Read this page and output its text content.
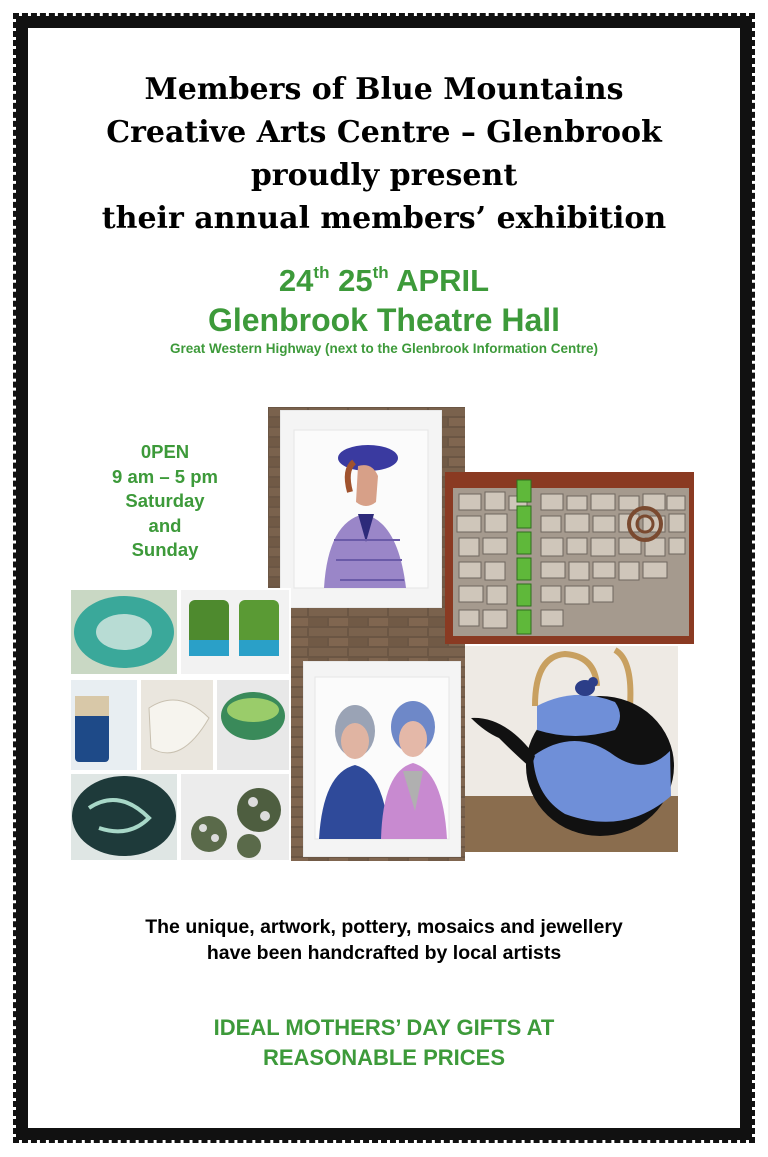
Members of Blue Mountains
Creative Arts Centre – Glenbrook
proudly present
their annual members’ exhibition
24th 25th APRIL
Glenbrook Theatre Hall
Great Western Highway (next to the Glenbrook Information Centre)
0PEN
9 am – 5 pm
Saturday
and
Sunday
The unique, artwork, pottery, mosaics and jewellery
have been handcrafted by local artists
IDEAL MOTHERS’ DAY GIFTS AT
REASONABLE PRICES
